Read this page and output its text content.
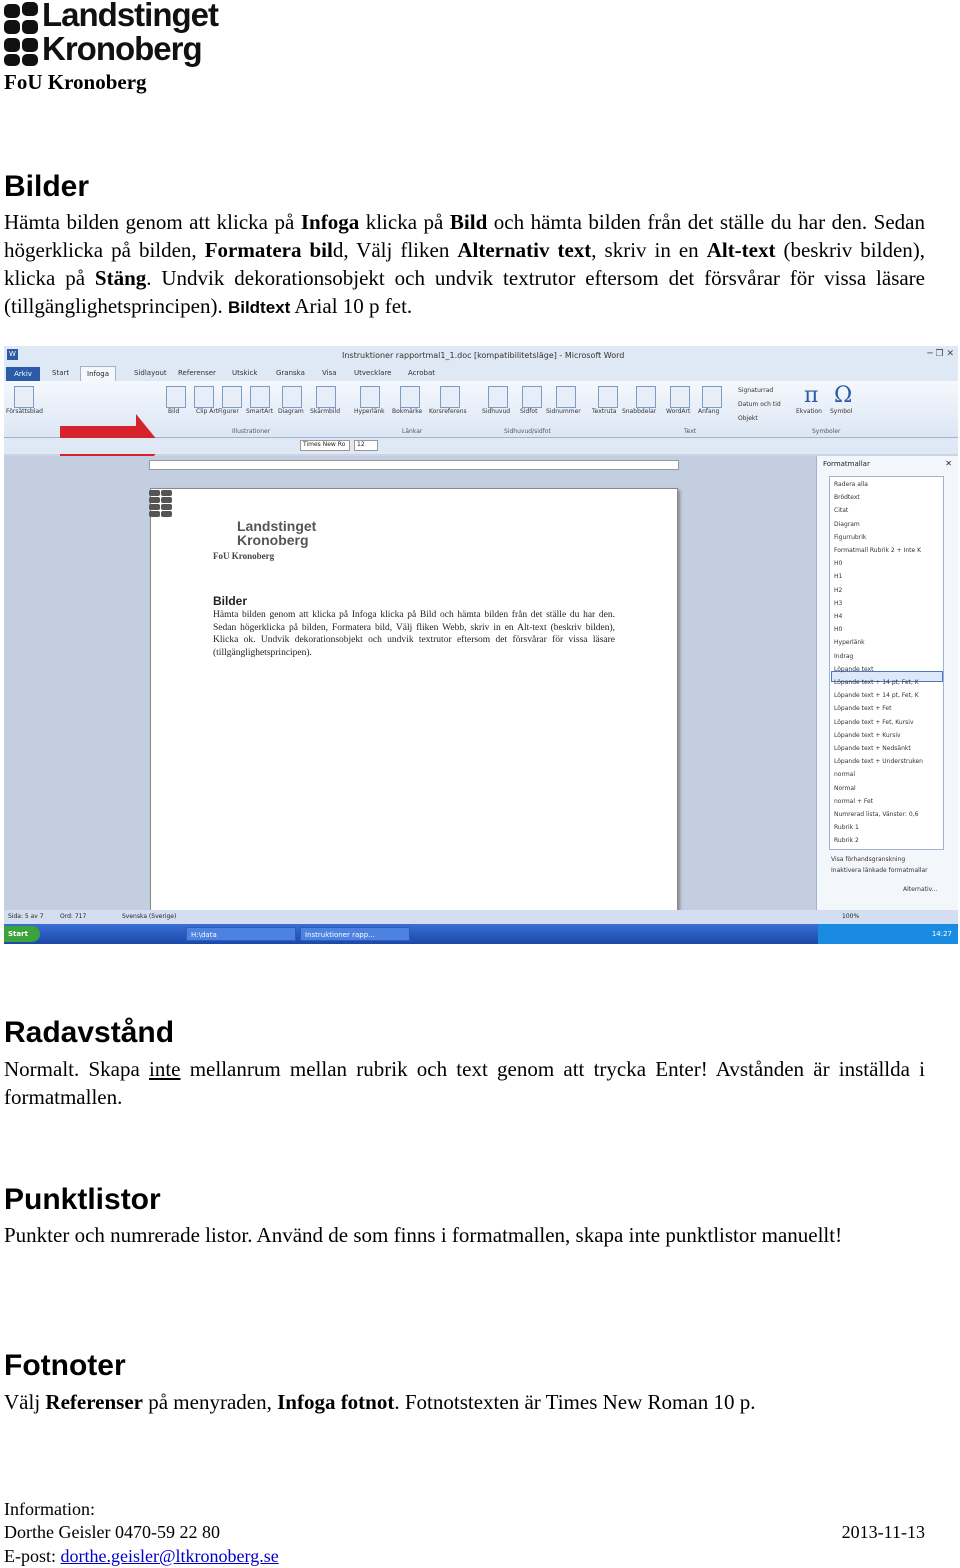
Landstinget
Kronoberg
FoU Kronoberg
Bilder
Hämta bilden genom att klicka på Infoga klicka på Bild och hämta bilden från det ställe du har den. Sedan högerklicka på bilden, Formatera bild, Välj fliken Alternativ text, skriv in en Alt-text (beskriv bilden), klicka på Stäng. Undvik dekorationsobjekt och undvik textrutor eftersom det försvårar för vissa läsare (tillgänglighetsprincipen). Bildtext Arial 10 p fet.
W	Instruktioner rapportmal1_1.doc [kompatibilitetsläge] - Microsoft Word	─ ❐ ✕
Arkiv	Start	Infoga	Sidlayout Referenser Utskick	Granska Visa Utvecklare Acrobat
Försättsblad	Bild	Clip Art Figurer SmartArt Diagram Skärmbild Hyperlänk Bokmärke Korsreferens	Sidhuvud Sidfot Sidnummer Textruta Snabbdelar WordArt Anfang
Signaturrad
Datum och tid
Objekt
π
Ekvation
Ω
Symbol
Illustrationer	Länkar	Sidhuvud/sidfot	Text	Symboler
Times New Ro	12
Landstinget
Kronoberg
FoU Kronoberg
Bilder
Hämta bilden genom att klicka på Infoga klicka på Bild och hämta bilden från det ställe du har den. Sedan högerklicka på bilden, Formatera bild, Välj fliken Webb, skriv in en Alt-text (beskriv bilden), Klicka ok. Undvik dekorationsobjekt och undvik textrutor eftersom det försvårar för vissa läsare (tillgänglighetsprincipen).
Formatmallar	✕
Radera alla
Brödtext
Citat
Diagram
Figurrubrik
Formatmall Rubrik 2 + Inte K
H0
H1
H2
H3
H4
H0
Hyperlänk
Indrag
Löpande text
Löpande text + 14 pt, Fet, K
Löpande text + 14 pt, Fet, K
Löpande text + Fet
Löpande text + Fet, Kursiv
Löpande text + Kursiv
Löpande text + Nedsänkt
Löpande text + Understruken
normal
Normal
normal + Fet
Numrerad lista, Vänster: 0,6
Rubrik 1
Rubrik 2
Visa förhandsgranskning
Inaktivera länkade formatmallar
Alternativ...
Sida: 5 av 7	Ord: 717	Svenska (Sverige)	100%
Start	H:\data	Instruktioner rapp...	14:27
Radavstånd
Normalt. Skapa inte mellanrum mellan rubrik och text genom att trycka Enter! Avstånden är inställda i formatmallen.
Punktlistor
Punkter och numrerade listor. Använd de som finns i formatmallen, skapa inte punktlistor manuellt!
Fotnoter
Välj Referenser på menyraden, Infoga fotnot. Fotnotstexten är Times New Roman 10 p.
Information:
Dorthe Geisler 0470-59 22 80	2013-11-13
E-post: dorthe.geisler@ltkronoberg.se
